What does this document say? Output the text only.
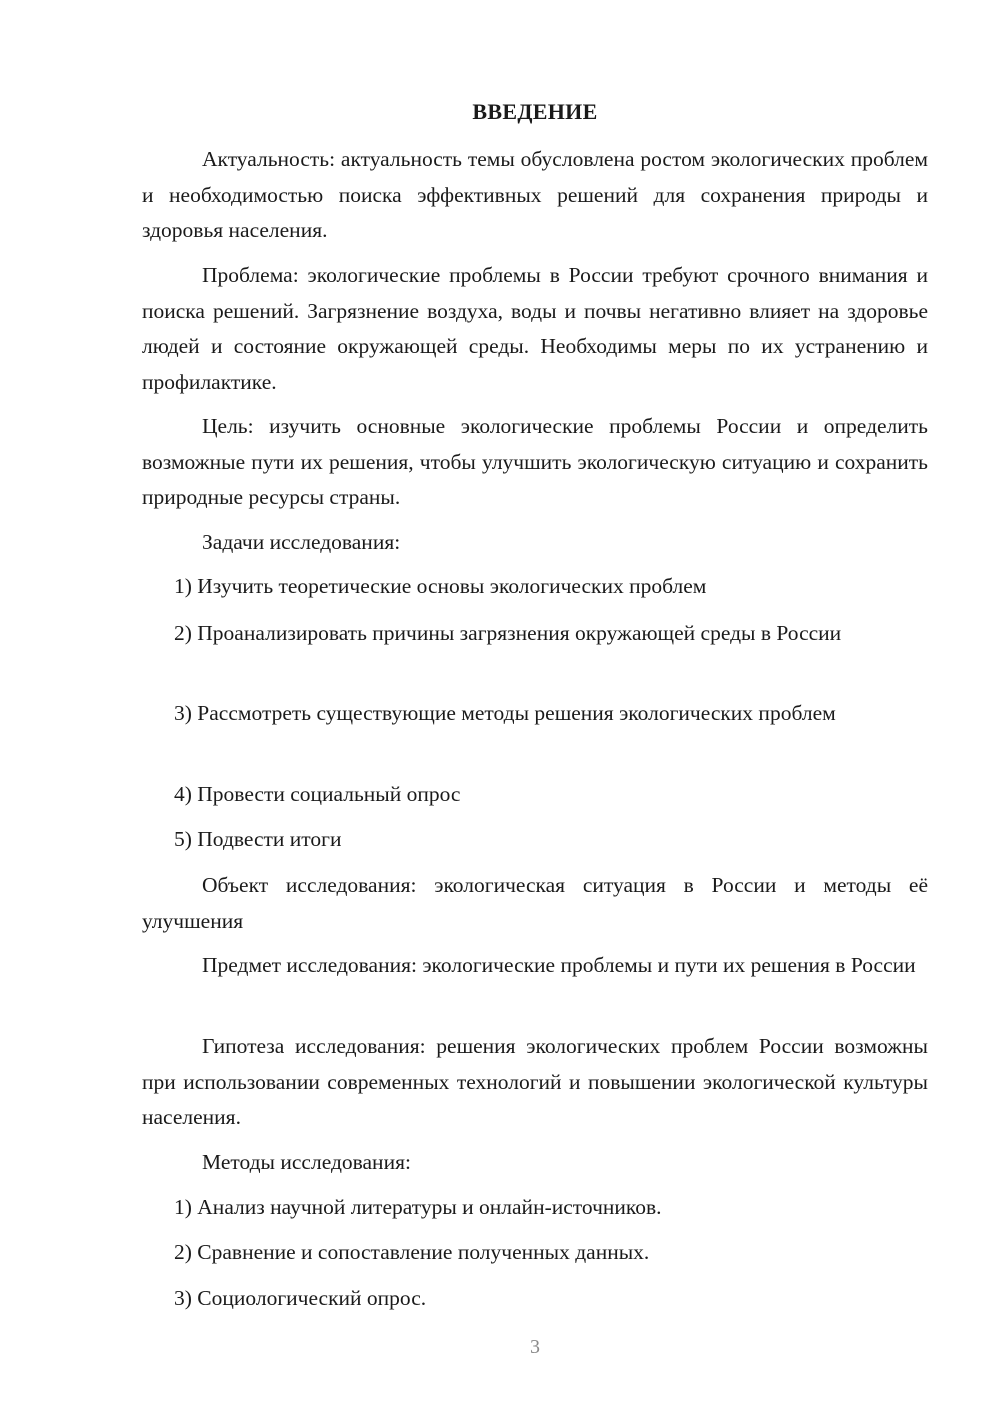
ВВЕДЕНИЕ

Актуальность: актуальность темы обусловлена ростом экологических проблем и необходимостью поиска эффективных решений для сохранения природы и здоровья населения.

Проблема: экологические проблемы в России требуют срочного внимания и поиска решений. Загрязнение воздуха, воды и почвы негативно влияет на здоровье людей и состояние окружающей среды. Необходимы меры по их устранению и профилактике.

Цель: изучить основные экологические проблемы России и определить возможные пути их решения, чтобы улучшить экологическую ситуацию и сохранить природные ресурсы страны.

Задачи исследования:

1) Изучить теоретические основы экологических проблем

2) Проанализировать причины загрязнения окружающей среды в России

3) Рассмотреть существующие методы решения экологических проблем

4) Провести социальный опрос

5) Подвести итоги

Объект исследования: экологическая ситуация в России и методы её улучшения

Предмет исследования: экологические проблемы и пути их решения в России

Гипотеза исследования: решения экологических проблем России возможны при использовании современных технологий и повышении экологической культуры населения.

Методы исследования:

1) Анализ научной литературы и онлайн-источников.

2) Сравнение и сопоставление полученных данных.

3) Социологический опрос.

3
